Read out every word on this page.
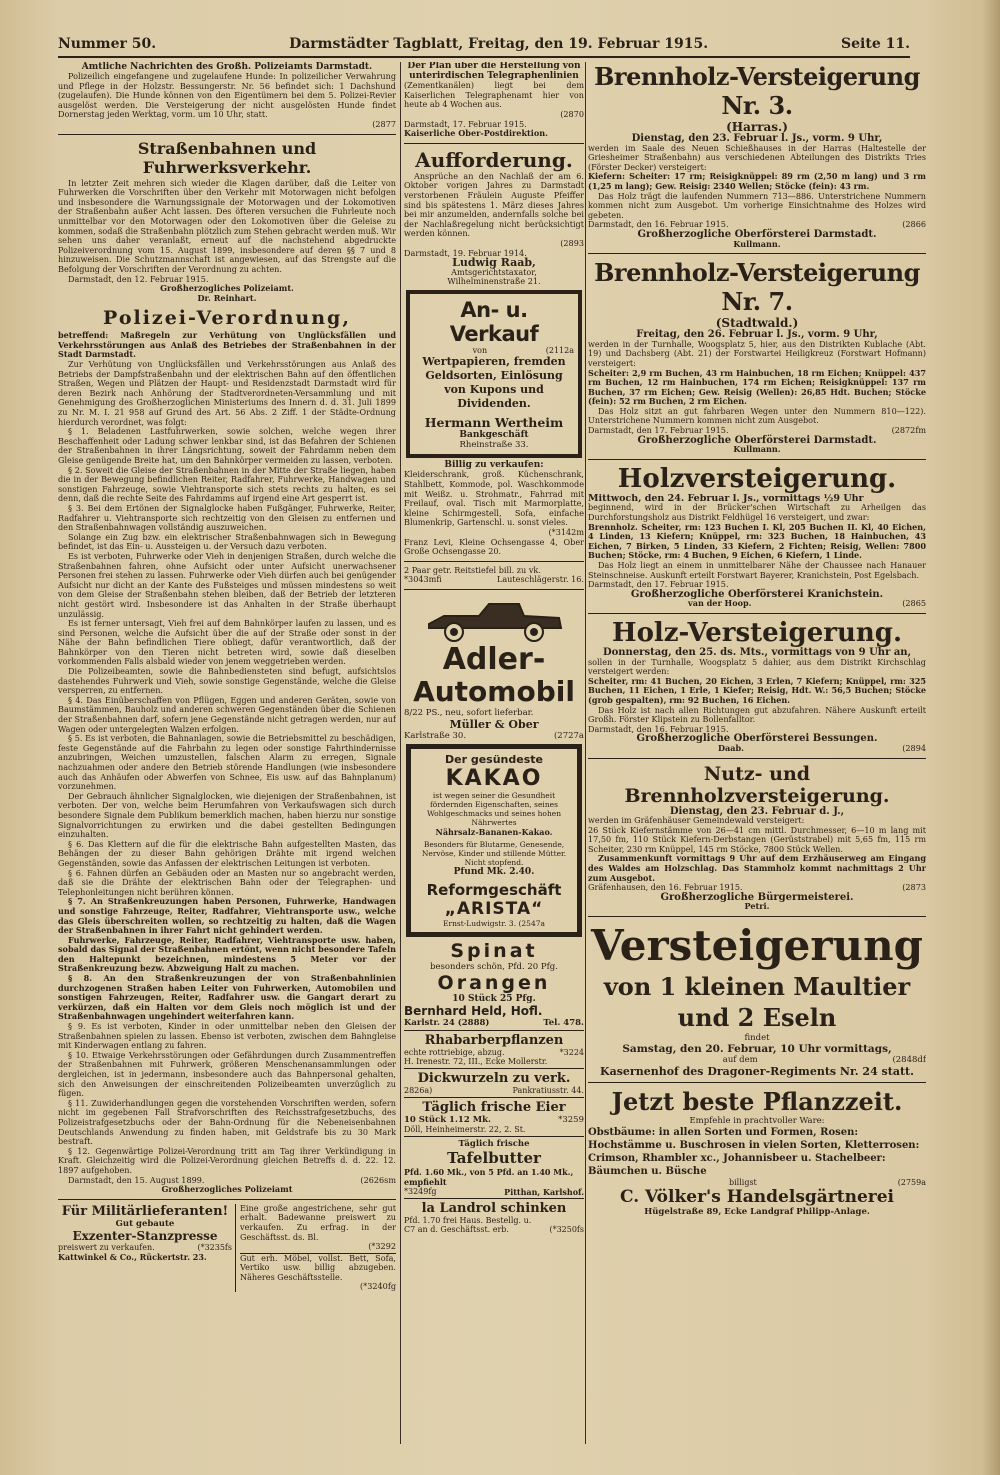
Nummer 50.	Darmstädter Tagblatt, Freitag, den 19. Februar 1915.	Seite 11.
Amtliche Nachrichten des Großh. Polizeiamts Darmstadt.

Polizeilich eingefangene und zugelaufene Hunde: In polizeilicher Verwahrung und Pflege in der Holzstr. Bessungerstr. Nr. 56 befindet sich: 1 Dachshund (zugelaufen). Die Hunde können von den Eigentümern bei dem 5. Polizei-Revier ausgelöst werden. Die Versteigerung der nicht ausgelösten Hunde findet Dornerstag jeden Werktag, vorm. um 10 Uhr, statt.

(2877
Straßenbahnen und Fuhrwerksverkehr.

In letzter Zeit mehren sich wieder die Klagen darüber, daß die Leiter von Fuhrwerken die Vorschriften über den Verkehr mit Motorwagen nicht befolgen und insbesondere die Warnungssignale der Motorwagen und der Lokomotiven der Straßenbahn außer Acht lassen. Des öfteren versuchen die Fuhrleute noch unmittelbar vor den Motorwagen oder den Lokomotiven über die Geleise zu kommen, sodaß die Straßenbahn plötzlich zum Stehen gebracht werden muß. Wir sehen uns daher veranlaßt, erneut auf die nachstehend abgedruckte Polizeiverordnung vom 15. August 1899, insbesondere auf deren §§ 7 und 8 hinzuweisen. Die Schutzmannschaft ist angewiesen, auf das Strengste auf die Befolgung der Vorschriften der Verordnung zu achten.

Darmstadt, den 12. Februar 1915.

Großherzogliches Polizeiamt.
Dr. Reinhart.
Polizei-Verordnung,
betreffend: Maßregeln zur Verhütung von Unglücksfällen und Verkehrsstörungen aus Anlaß des Betriebes der Straßenbahnen in der Stadt Darmstadt.

Zur Verhütung von Unglücksfällen und Verkehrsstörungen aus Anlaß des Betriebs der Dampfstraßenbahn und der elektrischen Bahn auf den öffentlichen Straßen, Wegen und Plätzen der Haupt- und Residenzstadt Darmstadt wird für deren Bezirk nach Anhörung der Stadtverordneten-Versammlung und mit Genehmigung des Großherzoglichen Ministeriums des Innern d. d. 31. Juli 1899 zu Nr. M. I. 21 958 auf Grund des Art. 56 Abs. 2 Ziff. 1 der Städte-Ordnung hierdurch verordnet, was folgt:

§ 1. Beladenen Lastfuhrwerken, sowie solchen, welche wegen ihrer Beschaffenheit oder Ladung schwer lenkbar sind, ist das Befahren der Schienen der Straßenbahnen in ihrer Längsrichtung, soweit der Fahrdamm neben dem Gleise genügende Breite hat, um den Bahnkörper vermeiden zu lassen, verboten.

§ 2. Soweit die Gleise der Straßenbahnen in der Mitte der Straße liegen, haben die in der Bewegung befindlichen Reiter, Radfahrer, Fuhrwerke, Handwagen und sonstigen Fahrzeuge, sowie Viehtransporte sich stets rechts zu halten, es sei denn, daß die rechte Seite des Fahrdamms auf irgend eine Art gesperrt ist.

§ 3. Bei dem Ertönen der Signalglocke haben Fußgänger, Fuhrwerke, Reiter, Radfahrer u. Viehtransporte sich rechtzeitig von den Gleisen zu entfernen und den Straßenbahnwagen vollständig auszuweichen.

Solange ein Zug bzw. ein elektrischer Straßenbahnwagen sich in Bewegung befindet, ist das Ein- u. Aussteigen u. der Versuch dazu verboten.

Es ist verboten, Fuhrwerke oder Vieh in denjenigen Straßen, durch welche die Straßenbahnen fahren, ohne Aufsicht oder unter Aufsicht unerwachsener Personen frei stehen zu lassen. Fuhrwerke oder Vieh dürfen auch bei genügender Aufsicht nur dicht an der Kante des Fußsteiges und müssen mindestens so weit von dem Gleise der Straßenbahn stehen bleiben, daß der Betrieb der letzteren nicht gestört wird. Insbesondere ist das Anhalten in der Straße überhaupt unzulässig.

Es ist ferner untersagt, Vieh frei auf dem Bahnkörper laufen zu lassen, und es sind Personen, welche die Aufsicht über die auf der Straße oder sonst in der Nähe der Bahn befindlichen Tiere obliegt, dafür verantwortlich, daß der Bahnkörper von den Tieren nicht betreten wird, sowie daß dieselben vorkommenden Falls alsbald wieder von jenem weggetrieben werden.

Die Polizeibeamten, sowie die Bahnbediensteten sind befugt, aufsichtslos dastehendes Fuhrwerk und Vieh, sowie sonstige Gegenstände, welche die Gleise versperren, zu entfernen.

§ 4. Das Einüberschaffen von Pflügen, Eggen und anderen Geräten, sowie von Baumstämmen, Bauholz und anderen schweren Gegenständen über die Schienen der Straßenbahnen darf, sofern jene Gegenstände nicht getragen werden, nur auf Wagen oder untergelegten Walzen erfolgen.

§ 5. Es ist verboten, die Bahnanlagen, sowie die Betriebsmittel zu beschädigen, feste Gegenstände auf die Fahrbahn zu legen oder sonstige Fahrthindernisse anzubringen, Weichen umzustellen, falschen Alarm zu erregen, Signale nachzuahmen oder andere den Betrieb störende Handlungen (wie insbesondere auch das Anhäufen oder Abwerfen von Schnee, Eis usw. auf das Bahnplanum) vorzunehmen.

Der Gebrauch ähnlicher Signalglocken, wie diejenigen der Straßenbahnen, ist verboten. Der von, welche beim Herumfahren von Verkaufswagen sich durch besondere Signale dem Publikum bemerklich machen, haben hierzu nur sonstige Signalvorrichtungen zu erwirken und die dabei gestellten Bedingungen einzuhalten.

§ 6. Das Klettern auf die für die elektrische Bahn aufgestellten Masten, das Behängen der zu dieser Bahn gehörigen Drähte mit irgend welchen Gegenständen, sowie das Anfassen der elektrischen Leitungen ist verboten.

§ 6. Fahnen dürfen an Gebäuden oder an Masten nur so angebracht werden, daß sie die Drähte der elektrischen Bahn oder der Telegraphen- und Telephonleitungen nicht berühren können.

§ 7. An Straßenkreuzungen haben Personen, Fuhrwerke, Handwagen und sonstige Fahrzeuge, Reiter, Radfahrer, Viehtransporte usw., welche das Gleis überschreiten wollen, so rechtzeitig zu halten, daß die Wagen der Straßenbahnen in ihrer Fahrt nicht gehindert werden.

Fuhrwerke, Fahrzeuge, Reiter, Radfahrer, Viehtransporte usw. haben, sobald das Signal der Straßenbahnen ertönt, wenn nicht besondere Tafeln den Haltepunkt bezeichnen, mindestens 5 Meter vor der Straßenkreuzung bezw. Abzweigung Halt zu machen.

§ 8. An den Straßenkreuzungen der von Straßenbahnlinien durchzogenen Straßen haben Leiter von Fuhrwerken, Automobilen und sonstigen Fahrzeugen, Reiter, Radfahrer usw. die Gangart derart zu verkürzen, daß ein Halten vor dem Gleis noch möglich ist und der Straßenbahnwagen ungehindert weiterfahren kann.

§ 9. Es ist verboten, Kinder in oder unmittelbar neben den Gleisen der Straßenbahnen spielen zu lassen. Ebenso ist verboten, zwischen dem Bahngleise mit Kinderwagen entlang zu fahren.

§ 10. Etwaige Verkehrsstörungen oder Gefährdungen durch Zusammentreffen der Straßenbahnen mit Fuhrwerk, größeren Menschenansammlungen oder dergleichen, ist in jedermann, insbesondere auch das Bahnpersonal gehalten, sich den Anweisungen der einschreitenden Polizeibeamten unverzüglich zu fügen.

§ 11. Zuwiderhandlungen gegen die vorstehenden Vorschriften werden, sofern nicht im gegebenen Fall Strafvorschriften des Reichsstrafgesetzbuchs, des Polizeistrafgesetzbuchs oder der Bahn-Ordnung für die Nebeneisenbahnen Deutschlands Anwendung zu finden haben, mit Geldstrafe bis zu 30 Mark bestraft.

§ 12. Gegenwärtige Polizei-Verordnung tritt am Tag ihrer Verkündigung in Kraft. Gleichzeitig wird die Polizei-Verordnung gleichen Betreffs d. d. 22. 12. 1897 aufgehoben.

Darmstadt, den 15. August 1899.	(2626sm

Großherzogliches Polizeiamt
Für Militärlieferanten!
Gut gebaute
Exzenter-Stanzpresse
preiswert zu verkaufen.	(*3235fs
Kattwinkel & Co., Rückertstr. 23.
Eine große angestrichene, sehr gut erhalt. Badewanne preiswert zu verkaufen. Zu erfrag. in der Geschäftsst. ds. Bl.
(*3292
Gut erh. Möbel, vollst. Bett, Sofa, Vertiko usw. billig abzugeben. Näheres Geschäftsstelle.
(*3240fg
Der Plan über die Herstellung von unterirdischen Telegraphenlinien
(Zementkanälen) liegt bei dem Kaiserlichen Telegraphenamt hier von heute ab 4 Wochen aus.
(2870
Darmstadt, 17. Februar 1915.
Kaiserliche Ober-Postdirektion.
Aufforderung.

Ansprüche an den Nachlaß der am 6. Oktober vorigen Jahres zu Darmstadt verstorbenen Fräulein Auguste Pfeiffer sind bis spätestens 1. März dieses Jahres bei mir anzumelden, andernfalls solche bei der Nachlaßregelung nicht berücksichtigt werden können.

(2893
Darmstadt, 19. Februar 1914.
Ludwig Raab,
Amtsgerichtstaxator,
Wilhelminenstraße 21.
An- u. Verkauf
von	(2112a
Wertpapieren, fremden Geldsorten, Einlösung von Kupons und Dividenden.
Hermann Wertheim
Bankgeschäft
Rheinstraße 33.
Billig zu verkaufen:
Kleiderschrank, groß. Küchenschrank, Stahlbett, Kommode, pol. Waschkommode mit Weißz. u. Strohmatr., Fahrrad mit Freilauf, oval. Tisch mit Marmorplatte, kleine Schirmgestell, Sofa, einfache Blumenkrip, Gartenschl. u. sonst vieles.
(*3142m
Franz Levi, Kleine Ochsengasse 4, Ober Große Ochsengasse 20.
2 Paar getr. Reitstiefel bill. zu vk.
*3043mfi	Lauteschlägerstr. 16.
Adler-
Automobil
8/22 PS., neu, sofort lieferbar.
Müller & Ober
Karlstraße 30.	(2727a
Der gesündeste
KAKAO
ist wegen seiner die Gesundheit fördernden Eigenschaften, seines Wohlgeschmacks und seines hohen Nährwertes
Nährsalz-Bananen-Kakao.
Besonders für Blutarme, Genesende, Nervöse, Kinder und stillende Mütter. Nicht stopfend.
Pfund Mk. 2.40.
Reformgeschäft
„ARISTA“
Ernst-Ludwigstr. 3. (2547a
Spinat
besonders schön, Pfd. 20 Pfg.
Orangen
10 Stück 25 Pfg.
Bernhard Held, Hofl.
Karlstr. 24 (2888)	Tel. 478.
Rhabarberpflanzen
echte rottriebige, abzug.	*3224
H. Irenestr. 72, III., Ecke Mollerstr.
Dickwurzeln zu verk.
2826a)	Pankratiusstr. 44.
Täglich frische Eier
10 Stück 1.12 Mk.	*3259
Döll, Heinheimerstr. 22, 2. St.
Täglich frische
Tafelbutter
Pfd. 1.60 Mk., von 5 Pfd. an 1.40 Mk., empfiehlt
*3249fg	Pitthan, Karlshof.
la Landrol schinken
Pfd. 1.70 frei Haus. Bestellg. u.
C7 an d. Geschäftsst. erb.	(*3250fs
Brennholz-Versteigerung Nr. 3.
(Harras.)
Dienstag, den 23. Februar l. Js., vorm. 9 Uhr,
werden im Saale des Neuen Schießhauses in der Harras (Haltestelle der Griesheimer Straßenbahn) aus verschiedenen Abteilungen des Distrikts Tries (Förster Decker) versteigert:
Kiefern: Scheiter: 17 rm; Reisigknüppel: 89 rm (2,50 m lang) und 3 rm (1,25 m lang); Gew. Reisig: 2340 Wellen; Stöcke (fein): 43 rm.

Das Holz trägt die laufenden Nummern 713—886. Unterstrichene Nummern kommen nicht zum Ausgebot. Um vorherige Einsichtnahme des Holzes wird gebeten.

Darmstadt, den 16. Februar 1915.	(2866
Großherzogliche Oberförsterei Darmstadt.
Kullmann.
Brennholz-Versteigerung Nr. 7.
(Stadtwald.)
Freitag, den 26. Februar l. Js., vorm. 9 Uhr,
werden in der Turnhalle, Woogsplatz 5, hier, aus den Distrikten Kublache (Abt. 19) und Dachsberg (Abt. 21) der Forstwartei Heiligkreuz (Forstwart Hofmann) versteigert:
Scheiter: 2,9 rm Buchen, 43 rm Hainbuchen, 18 rm Eichen; Knüppel: 437 rm Buchen, 12 rm Hainbuchen, 174 rm Eichen; Reisigknüppel: 137 rm Buchen, 37 rm Eichen; Gew. Reisig (Wellen): 26,85 Hdt. Buchen; Stöcke (fein): 52 rm Buchen, 2 rm Eichen.

Das Holz sitzt an gut fahrbaren Wegen unter den Nummern 810—122). Unterstrichene Nummern kommen nicht zum Ausgebot.

Darmstadt, den 17. Februar 1915.	(2872fm
Großherzogliche Oberförsterei Darmstadt.
Kullmann.
Holzversteigerung.
Mittwoch, den 24. Februar l. Js., vormittags ½9 Uhr
beginnend, wird in der Brücker'schen Wirtschaft zu Arheilgen das Durchforstungsholz aus Distrikt Feldhügel 16 versteigert, und zwar:
Brennholz. Scheiter, rm: 123 Buchen I. Kl, 205 Buchen II. Kl, 40 Eichen, 4 Linden, 13 Kiefern; Knüppel, rm: 323 Buchen, 18 Hainbuchen, 43 Eichen, 7 Birken, 5 Linden, 33 Kiefern, 2 Fichten; Reisig, Wellen: 7800 Buchen; Stöcke, rm: 4 Buchen, 9 Eichen, 6 Kiefern, 1 Linde.

Das Holz liegt an einem in unmittelbarer Nähe der Chaussee nach Hanauer Steinschneise. Auskunft erteilt Forstwart Bayerer, Kranichstein, Post Egelsbach.

Darmstadt, den 17. Februar 1915.
Großherzogliche Oberförsterei Kranichstein.
van der Hoop.	(2865
Holz-Versteigerung.
Donnerstag, den 25. ds. Mts., vormittags von 9 Uhr an,
sollen in der Turnhalle, Woogsplatz 5 dahier, aus dem Distrikt Kirchschlag versteigert werden:
Scheiter, rm: 41 Buchen, 20 Eichen, 3 Erlen, 7 Kiefern; Knüppel, rm: 325 Buchen, 11 Eichen, 1 Erle, 1 Kiefer; Reisig, Hdt. W.: 56,5 Buchen; Stöcke (grob gespalten), rm: 92 Buchen, 16 Eichen.

Das Holz ist nach allen Richtungen gut abzufahren. Nähere Auskunft erteilt Großh. Förster Klipstein zu Bollenfalltor.

Darmstadt, den 16. Februar 1915.
Großherzogliche Oberförsterei Bessungen.
Daab.	(2894
Nutz- und Brennholzversteigerung.
Dienstag, den 23. Februar d. J.,
werden im Gräfenhäuser Gemeindewald versteigert:
26 Stück Kiefernstämme von 26—41 cm mittl. Durchmesser, 6—10 m lang mit 17,50 fm, 110 Stück Kiefern-Derbstangen (Gerüststrabel) mit 5,65 fm, 115 rm Scheiter, 230 rm Knüppel, 145 rm Stöcke, 7800 Stück Wellen.

Zusammenkunft vormittags 9 Uhr auf dem Erzhäuserweg am Eingang des Waldes am Holzschlag. Das Stammholz kommt nachmittags 2 Uhr zum Ausgebot.

Gräfenhausen, den 16. Februar 1915.	(2873
Großherzogliche Bürgermeisterei.
Petri.
Versteigerung
von 1 kleinen Maultier
und 2 Eseln
findet
Samstag, den 20. Februar, 10 Uhr vormittags,
auf dem	(2848df
Kasernenhof des Dragoner-Regiments Nr. 24 statt.
Jetzt beste Pflanzzeit.
Empfehle in prachtvoller Ware:
Obstbäume: in allen Sorten und Formen, Rosen: Hochstämme u. Buschrosen in vielen Sorten, Kletterrosen: Crimson, Rhambler xc., Johannisbeer u. Stachelbeer: Bäumchen u. Büsche
billigst	(2759a
C. Völker's Handelsgärtnerei
Hügelstraße 89, Ecke Landgraf Philipp-Anlage.
